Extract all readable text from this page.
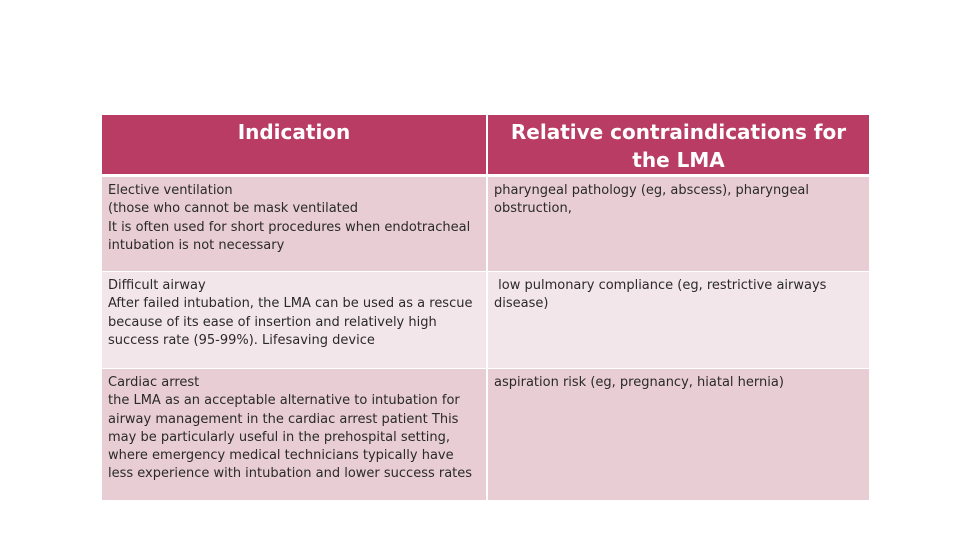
Indication	Relative contraindications for the LMA

Elective ventilation
(those who cannot be mask ventilated
It is often used for short procedures when endotracheal intubation is not necessary	pharyngeal pathology (eg, abscess), pharyngeal obstruction,

Difficult airway
After failed intubation, the LMA can be used as a rescue because of its ease of insertion and relatively high success rate (95-99%). Lifesaving device	low pulmonary compliance (eg, restrictive airways disease)

Cardiac arrest
the LMA as an acceptable alternative to intubation for airway management in the cardiac arrest patient This may be particularly useful in the prehospital setting, where emergency medical technicians typically have less experience with intubation and lower success rates	aspiration risk (eg, pregnancy, hiatal hernia)
